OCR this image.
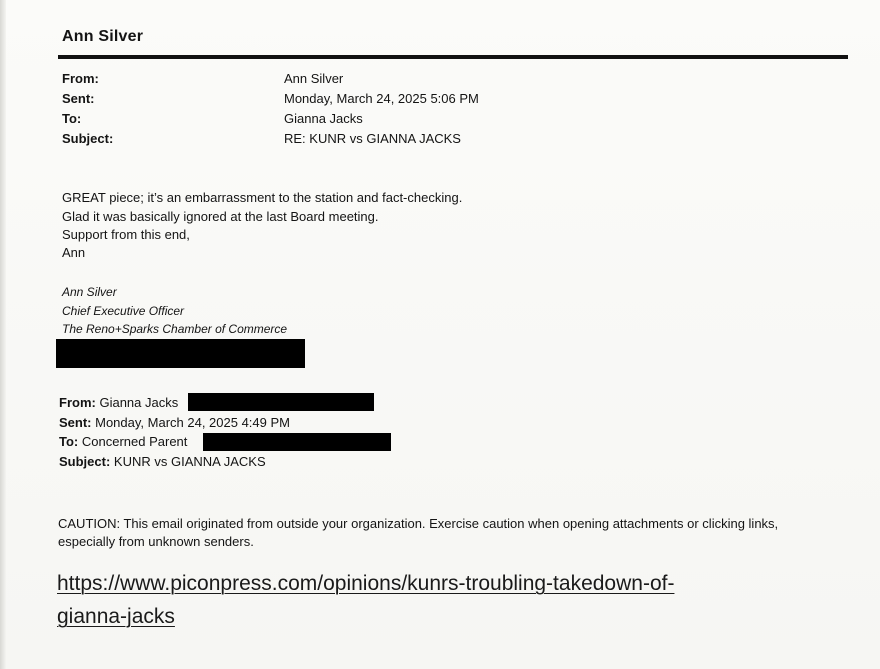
Ann Silver
From:	Ann Silver
Sent:	Monday, March 24, 2025 5:06 PM
To:	Gianna Jacks
Subject:	RE: KUNR vs GIANNA JACKS
GREAT piece; it’s an embarrassment to the station and fact-checking.
Glad it was basically ignored at the last Board meeting.
Support from this end,
Ann
Ann Silver
Chief Executive Officer
The Reno+Sparks Chamber of Commerce
From: Gianna Jacks
Sent: Monday, March 24, 2025 4:49 PM
To: Concerned Parent
Subject: KUNR vs GIANNA JACKS
CAUTION: This email originated from outside your organization. Exercise caution when opening attachments or clicking links, especially from unknown senders.
https://www.piconpress.com/opinions/kunrs-troubling-takedown-of-
gianna-jacks
